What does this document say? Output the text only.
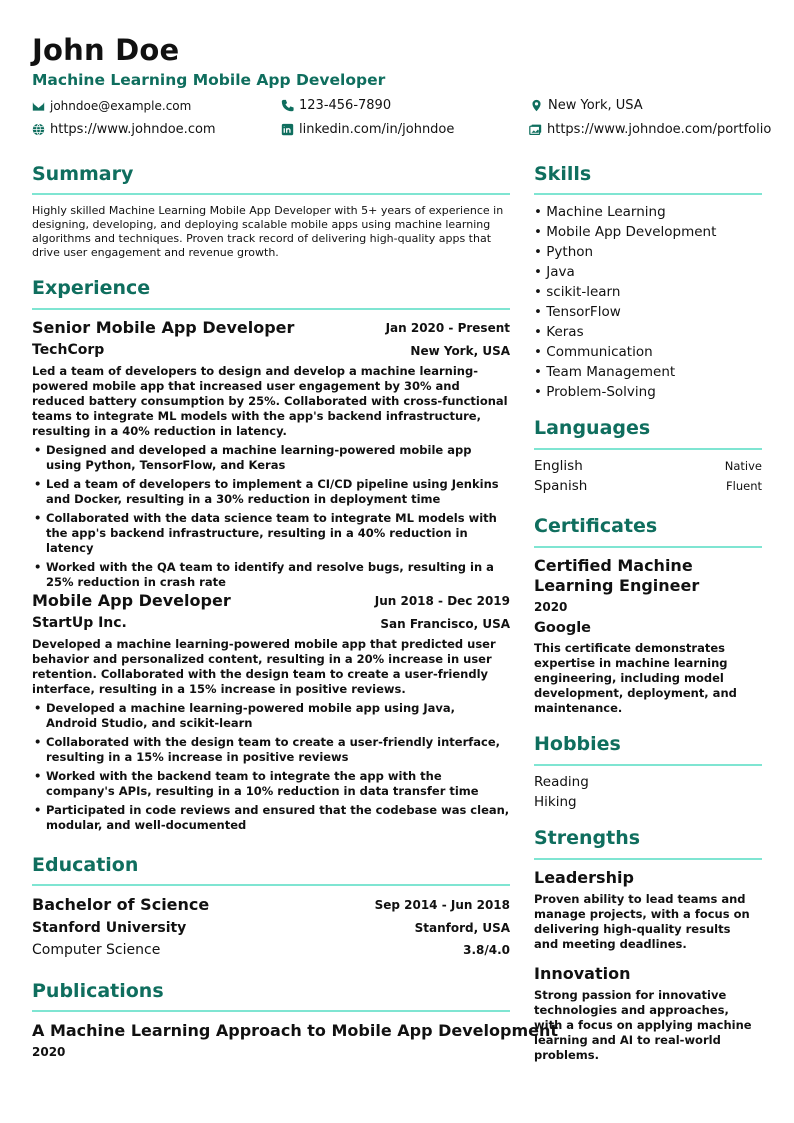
John Doe
Machine Learning Mobile App Developer
johndoe@example.com	123-456-7890	New York, USA
https://www.johndoe.com	linkedin.com/in/johndoe	https://www.johndoe.com/portfolio
Summary
Highly skilled Machine Learning Mobile App Developer with 5+ years of experience in designing, developing, and deploying scalable mobile apps using machine learning algorithms and techniques. Proven track record of delivering high-quality apps that drive user engagement and revenue growth.
Experience
Senior Mobile App Developer	Jan 2020 - Present
TechCorp	New York, USA
Led a team of developers to design and develop a machine learning-powered mobile app that increased user engagement by 30% and reduced battery consumption by 25%. Collaborated with cross-functional teams to integrate ML models with the app's backend infrastructure, resulting in a 40% reduction in latency.
• Designed and developed a machine learning-powered mobile app using Python, TensorFlow, and Keras
• Led a team of developers to implement a CI/CD pipeline using Jenkins and Docker, resulting in a 30% reduction in deployment time
• Collaborated with the data science team to integrate ML models with the app's backend infrastructure, resulting in a 40% reduction in latency
• Worked with the QA team to identify and resolve bugs, resulting in a 25% reduction in crash rate
Mobile App Developer	Jun 2018 - Dec 2019
StartUp Inc.	San Francisco, USA
Developed a machine learning-powered mobile app that predicted user behavior and personalized content, resulting in a 20% increase in user retention. Collaborated with the design team to create a user-friendly interface, resulting in a 15% increase in positive reviews.
• Developed a machine learning-powered mobile app using Java, Android Studio, and scikit-learn
• Collaborated with the design team to create a user-friendly interface, resulting in a 15% increase in positive reviews
• Worked with the backend team to integrate the app with the company's APIs, resulting in a 10% reduction in data transfer time
• Participated in code reviews and ensured that the codebase was clean, modular, and well-documented
Education
Bachelor of Science	Sep 2014 - Jun 2018
Stanford University	Stanford, USA
Computer Science	3.8/4.0
Publications
A Machine Learning Approach to Mobile App Development
2020
Skills
• Machine Learning
• Mobile App Development
• Python
• Java
• scikit-learn
• TensorFlow
• Keras
• Communication
• Team Management
• Problem-Solving
Languages
English	Native
Spanish	Fluent
Certificates
Certified Machine Learning Engineer
2020
Google
This certificate demonstrates expertise in machine learning engineering, including model development, deployment, and maintenance.
Hobbies
Reading
Hiking
Strengths
Leadership
Proven ability to lead teams and manage projects, with a focus on delivering high-quality results and meeting deadlines.
Innovation
Strong passion for innovative technologies and approaches, with a focus on applying machine learning and AI to real-world problems.
